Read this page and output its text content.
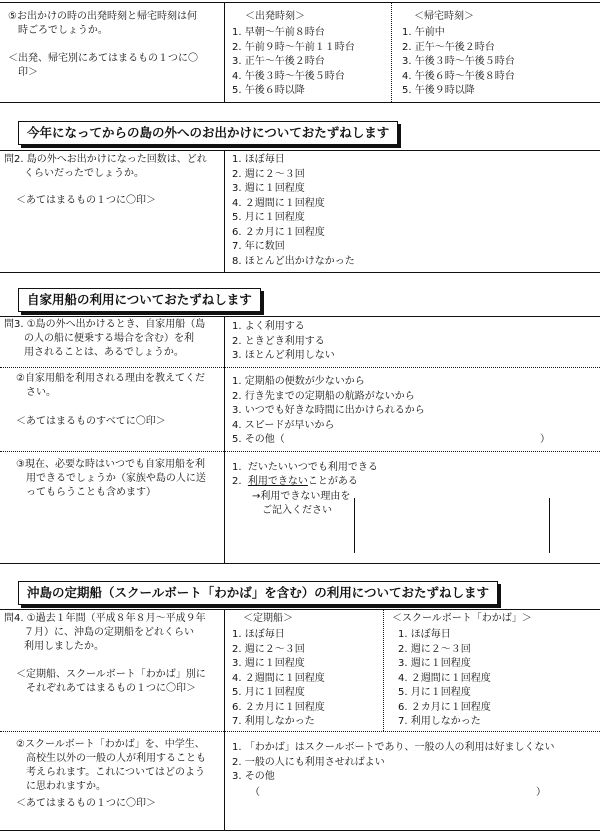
⑤お出かけの時の出発時刻と帰宅時刻は何
　時ごろでしょうか。
＜出発、帰宅別にあてはまるもの１つに〇
　印＞
＜出発時刻＞
1. 早朝～午前８時台
2. 午前９時～午前１１時台
3. 正午～午後２時台
4. 午後３時～午後５時台
5. 午後６時以降
＜帰宅時刻＞
1. 午前中
2. 正午～午後２時台
3. 午後３時～午後５時台
4. 午後６時～午後８時台
5. 午後９時以降
今年になってからの島の外へのお出かけについておたずねします
問2. 島の外へお出かけになった回数は、どれ
　　くらいだったでしょうか。
＜あてはまるもの１つに〇印＞
1. ほぼ毎日
2. 週に２～３回
3. 週に１回程度
4. ２週間に１回程度
5. 月に１回程度
6. ２カ月に１回程度
7. 年に数回
8. ほとんど出かけなかった
自家用船の利用についておたずねします
問3. ①島の外へ出かけるとき、自家用船（島
　　の人の船に便乗する場合を含む）を利
　　用されることは、あるでしょうか。
1. よく利用する
2. ときどき利用する
3. ほとんど利用しない
②自家用船を利用される理由を教えてくだ
　さい。
＜あてはまるものすべてに〇印＞
1. 定期船の便数が少ないから
2. 行き先までの定期船の航路がないから
3. いつでも好きな時間に出かけられるから
4. スピードが早いから
5. その他（	）
③現在、必要な時はいつでも自家用船を利
　用できるでしょうか（家族や島の人に送
　ってもらうことも含めます）
1.  だいたいいつでも利用できる
2.  利用できないことがある
→利用できない理由を
　ご記入ください
沖島の定期船（スクールボート「わかば」を含む）の利用についておたずねします
問4. ①過去１年間（平成８年８月～平成９年
　　７月）に、沖島の定期船をどれくらい
　　利用しましたか。
＜定期船、スクールボート「わかば」別に
　それぞれあてはまるもの１つに〇印＞
＜定期船＞
1. ほぼ毎日
2. 週に２～３回
3. 週に１回程度
4. ２週間に１回程度
5. 月に１回程度
6. ２カ月に１回程度
7. 利用しなかった
＜スクールボート「わかば」＞
1. ほぼ毎日
2. 週に２～３回
3. 週に１回程度
4. ２週間に１回程度
5. 月に１回程度
6. ２カ月に１回程度
7. 利用しなかった
②スクールボート「わかば」を、中学生、
　高校生以外の一般の人が利用することも
　考えられます。これについてはどのよう
　に思われますか。
＜あてはまるもの１つに〇印＞
1. 「わかば」はスクールボートであり、一般の人の利用は好ましくない
2. 一般の人にも利用させればよい
3. その他
（	）
